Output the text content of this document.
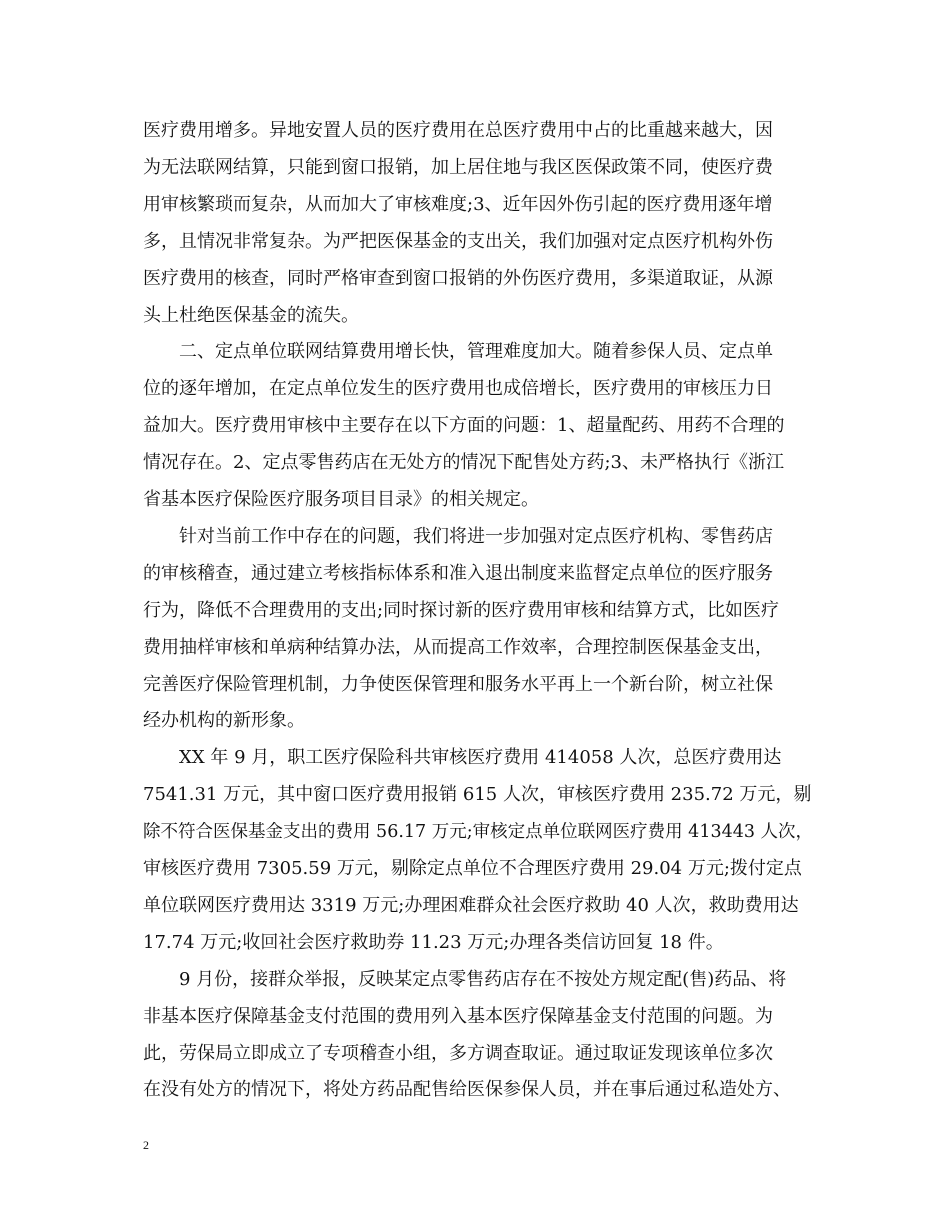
医疗费用增多。异地安置人员的医疗费用在总医疗费用中占的比重越来越大，因
为无法联网结算，只能到窗口报销，加上居住地与我区医保政策不同，使医疗费
用审核繁琐而复杂，从而加大了审核难度;3、近年因外伤引起的医疗费用逐年增
多，且情况非常复杂。为严把医保基金的支出关，我们加强对定点医疗机构外伤
医疗费用的核查，同时严格审查到窗口报销的外伤医疗费用，多渠道取证，从源
头上杜绝医保基金的流失。
　　二、定点单位联网结算费用增长快，管理难度加大。随着参保人员、定点单
位的逐年增加，在定点单位发生的医疗费用也成倍增长，医疗费用的审核压力日
益加大。医疗费用审核中主要存在以下方面的问题：1、超量配药、用药不合理的
情况存在。2、定点零售药店在无处方的情况下配售处方药;3、未严格执行《浙江
省基本医疗保险医疗服务项目目录》的相关规定。
　　针对当前工作中存在的问题，我们将进一步加强对定点医疗机构、零售药店
的审核稽查，通过建立考核指标体系和准入退出制度来监督定点单位的医疗服务
行为，降低不合理费用的支出;同时探讨新的医疗费用审核和结算方式，比如医疗
费用抽样审核和单病种结算办法，从而提高工作效率，合理控制医保基金支出，
完善医疗保险管理机制，力争使医保管理和服务水平再上一个新台阶，树立社保
经办机构的新形象。
　　XX 年 9 月，职工医疗保险科共审核医疗费用 414058 人次，总医疗费用达
7541.31 万元，其中窗口医疗费用报销 615 人次，审核医疗费用 235.72 万元，剔
除不符合医保基金支出的费用 56.17 万元;审核定点单位联网医疗费用 413443 人次，
审核医疗费用 7305.59 万元，剔除定点单位不合理医疗费用 29.04 万元;拨付定点
单位联网医疗费用达 3319 万元;办理困难群众社会医疗救助 40 人次，救助费用达
17.74 万元;收回社会医疗救助券 11.23 万元;办理各类信访回复 18 件。
　　9 月份，接群众举报，反映某定点零售药店存在不按处方规定配(售)药品、将
非基本医疗保障基金支付范围的费用列入基本医疗保障基金支付范围的问题。为
此，劳保局立即成立了专项稽查小组，多方调查取证。通过取证发现该单位多次
在没有处方的情况下，将处方药品配售给医保参保人员，并在事后通过私造处方、
2
